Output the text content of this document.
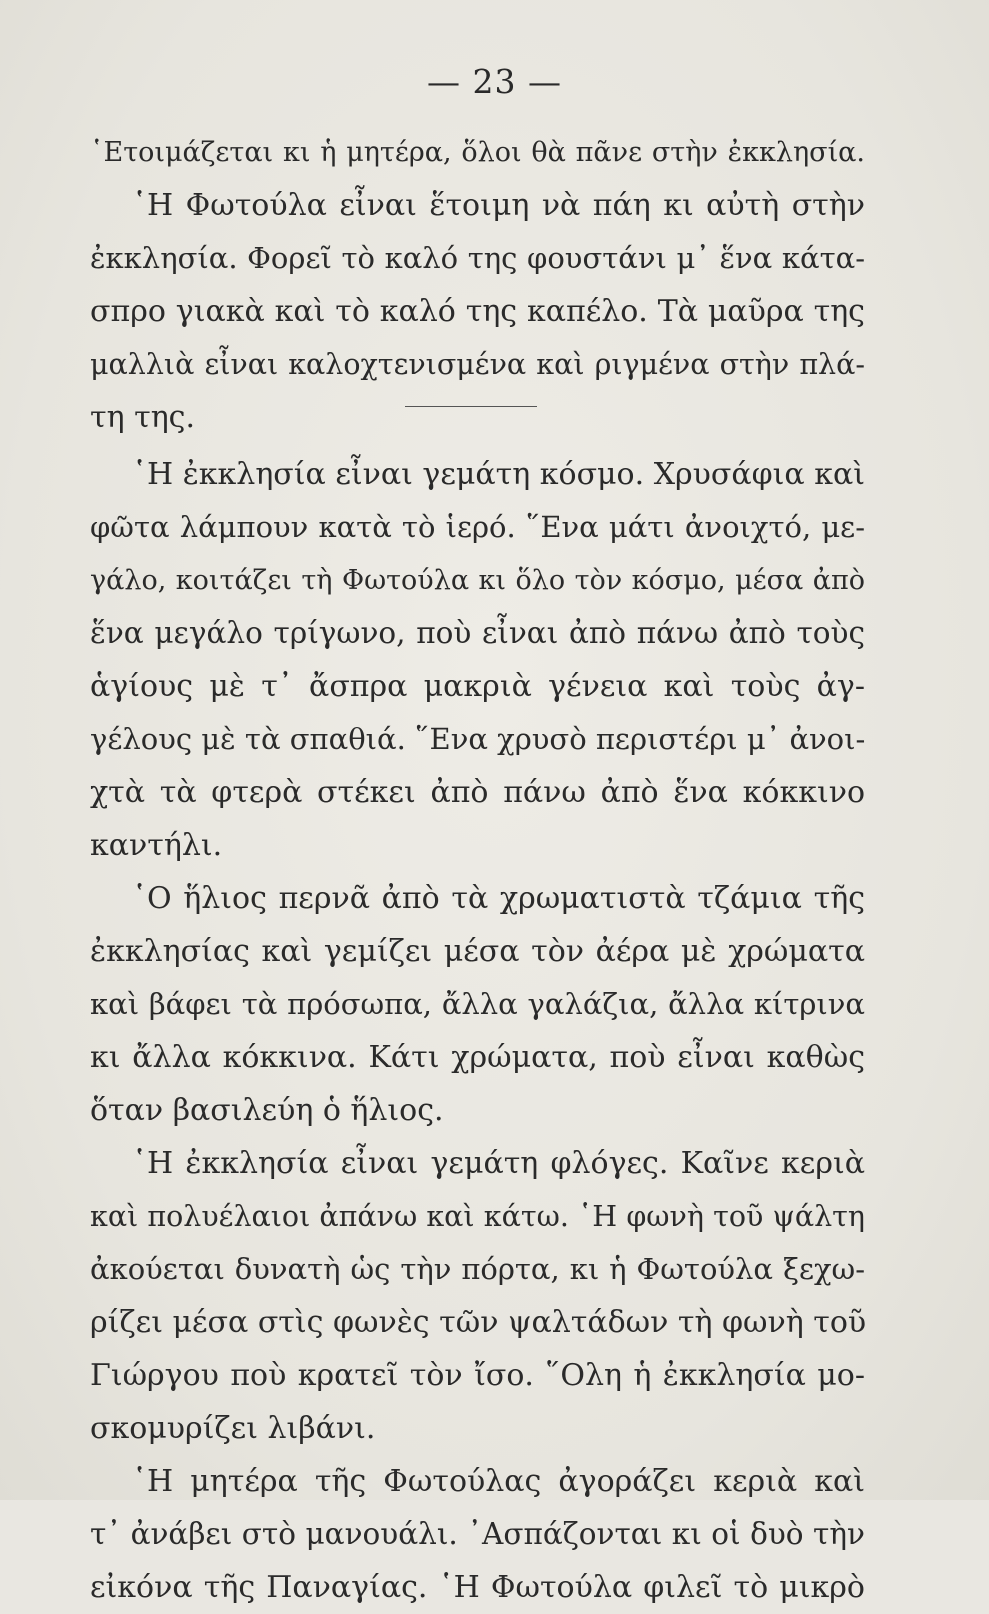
— 23 —
῾Ετοιμάζεται κι ἡ μητέρα, ὅλοι θὰ πᾶνε στὴν ἐκκλησία.
῾Η Φωτούλα εἶναι ἕτοιμη νὰ πάη κι αὐτὴ στὴν
ἐκκλησία. Φορεῖ τὸ καλό της φουστάνι μ᾿ ἕνα κάτα-
σπρο γιακὰ καὶ τὸ καλό της καπέλο. Τὰ μαῦρα της
μαλλιὰ εἶναι καλοχτενισμένα καὶ ριγμένα στὴν πλά-
τη της.
῾Η ἐκκλησία εἶναι γεμάτη κόσμο. Χρυσάφια καὶ
φῶτα λάμπουν κατὰ τὸ ἱερό. ῞Ενα μάτι ἀνοιχτό, με-
γάλο, κοιτάζει τὴ Φωτούλα κι ὅλο τὸν κόσμο, μέσα ἀπὸ
ἕνα μεγάλο τρίγωνο, ποὺ εἶναι ἀπὸ πάνω ἀπὸ τοὺς
ἁγίους μὲ τ᾿ ἄσπρα μακριὰ γένεια καὶ τοὺς ἀγ-
γέλους μὲ τὰ σπαθιά. ῞Ενα χρυσὸ περιστέρι μ᾿ ἀνοι-
χτὰ τὰ φτερὰ στέκει ἀπὸ πάνω ἀπὸ ἕνα κόκκινο
καντήλι.
῾Ο ἥλιος περνᾶ ἀπὸ τὰ χρωματιστὰ τζάμια τῆς
ἐκκλησίας καὶ γεμίζει μέσα τὸν ἀέρα μὲ χρώματα
καὶ βάφει τὰ πρόσωπα, ἄλλα γαλάζια, ἄλλα κίτρινα
κι ἄλλα κόκκινα. Κάτι χρώματα, ποὺ εἶναι καθὼς
ὅταν βασιλεύη ὁ ἥλιος.
῾Η ἐκκλησία εἶναι γεμάτη φλόγες. Καῖνε κεριὰ
καὶ πολυέλαιοι ἀπάνω καὶ κάτω. ῾Η φωνὴ τοῦ ψάλτη
ἀκούεται δυνατὴ ὡς τὴν πόρτα, κι ἡ Φωτούλα ξεχω-
ρίζει μέσα στὶς φωνὲς τῶν ψαλτάδων τὴ φωνὴ τοῦ
Γιώργου ποὺ κρατεῖ τὸν ἴσο. ῞Ολη ἡ ἐκκλησία μο-
σκομυρίζει λιβάνι.
῾Η μητέρα τῆς Φωτούλας ἀγοράζει κεριὰ καὶ
τ᾿ ἀνάβει στὸ μανουάλι. ᾿Ασπάζονται κι οἱ δυὸ τὴν
εἰκόνα τῆς Παναγίας. ῾Η Φωτούλα φιλεῖ τὸ μικρὸ
